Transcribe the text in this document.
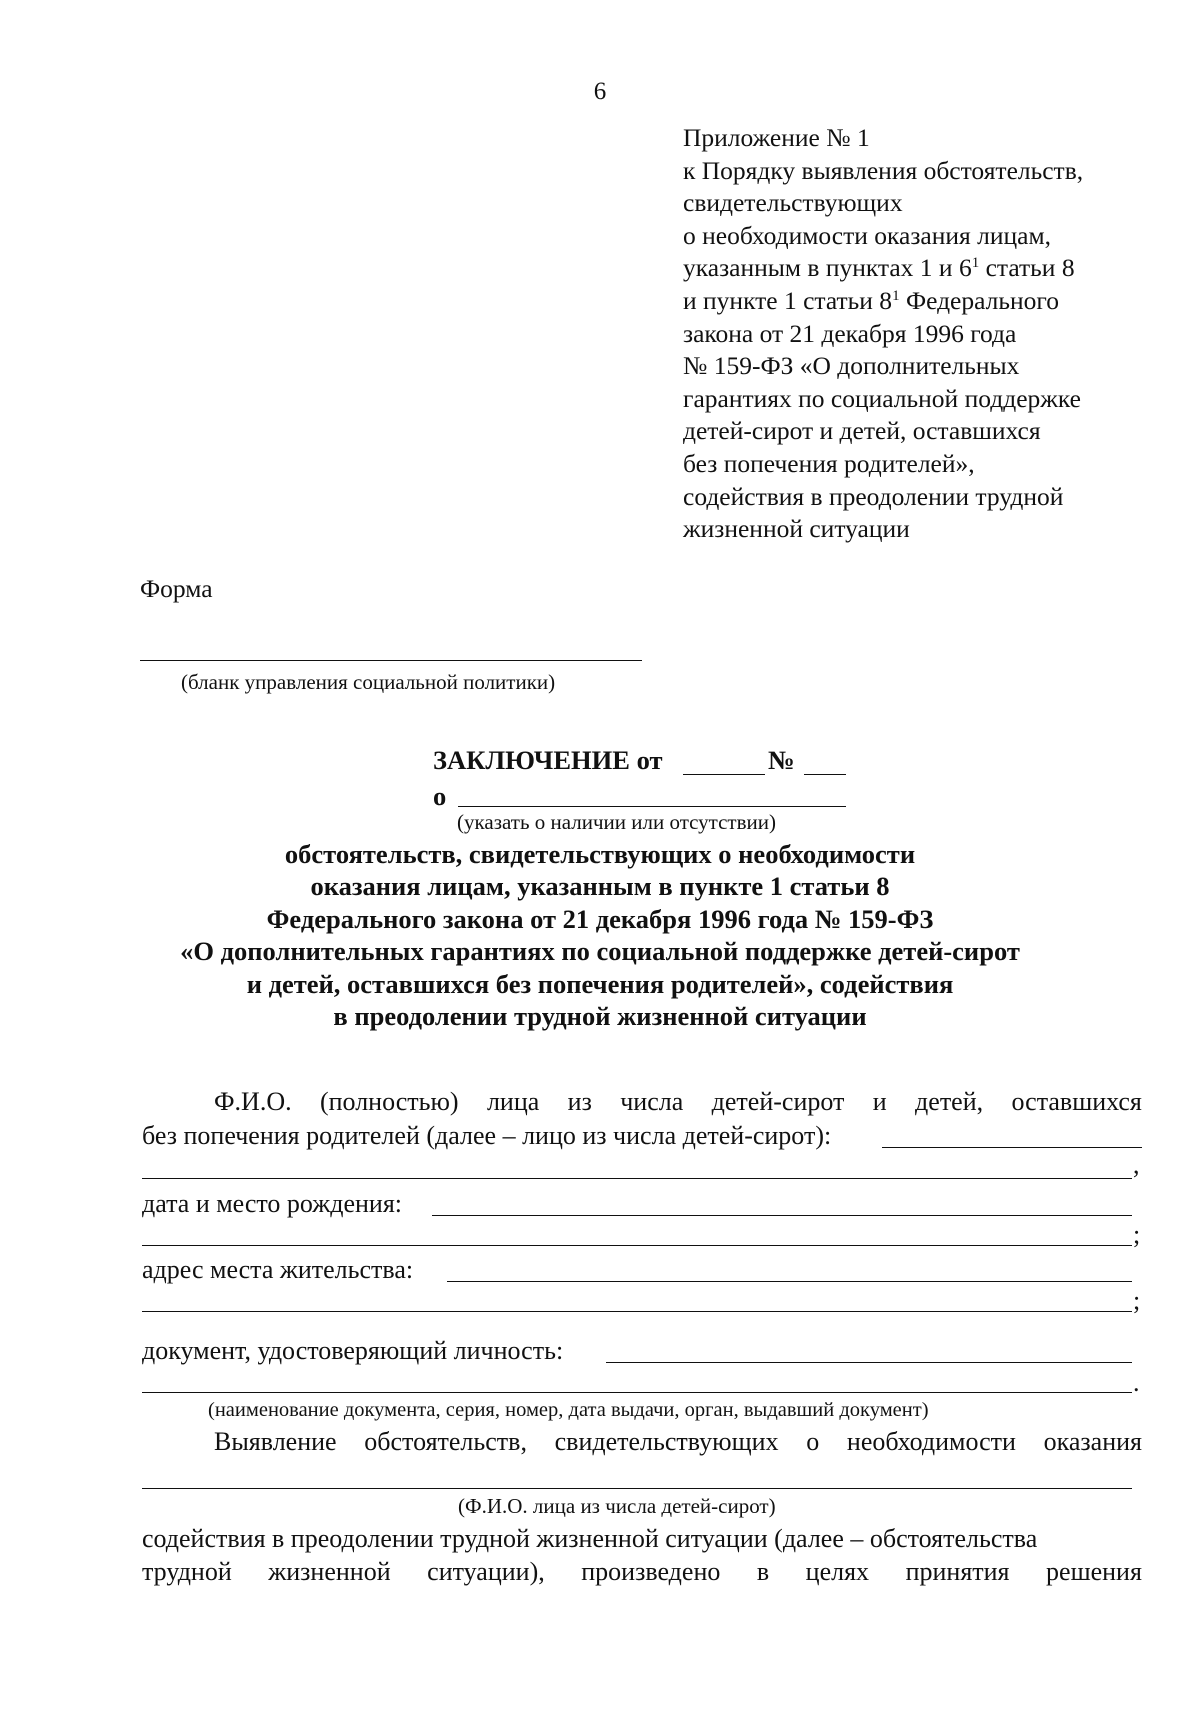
6
Приложение № 1
к Порядку выявления обстоятельств,
свидетельствующих
о необходимости оказания лицам,
указанным в пунктах 1 и $6^1$ статьи 8
и пункте 1 статьи $8^1$ Федерального
закона от 21 декабря 1996 года
№ 159-ФЗ «О дополнительных
гарантиях по социальной поддержке
детей-сирот и детей, оставшихся
без попечения родителей»,
содействия в преодолении трудной
жизненной ситуации
Форма
(бланк управления социальной политики)
ЗАКЛЮЧЕНИЕ от	№
о
(указать о наличии или отсутствии)
обстоятельств, свидетельствующих о необходимости
оказания лицам, указанным в пункте 1 статьи 8
Федерального закона от 21 декабря 1996 года № 159-ФЗ
«О дополнительных гарантиях по социальной поддержке детей-сирот
и детей, оставшихся без попечения родителей», содействия
в преодолении трудной жизненной ситуации
Ф.И.О. (полностью) лица из числа детей-сирот и детей, оставшихся
без попечения родителей (далее – лицо из числа детей-сирот):
,
дата и место рождения:
;
адрес места жительства:
;
документ, удостоверяющий личность:
.
(наименование документа, серия, номер, дата выдачи, орган, выдавший документ)
Выявление обстоятельств, свидетельствующих о необходимости оказания
(Ф.И.О. лица из числа детей-сирот)
содействия в преодолении трудной жизненной ситуации (далее – обстоятельства
трудной жизненной ситуации), произведено в целях принятия решения
